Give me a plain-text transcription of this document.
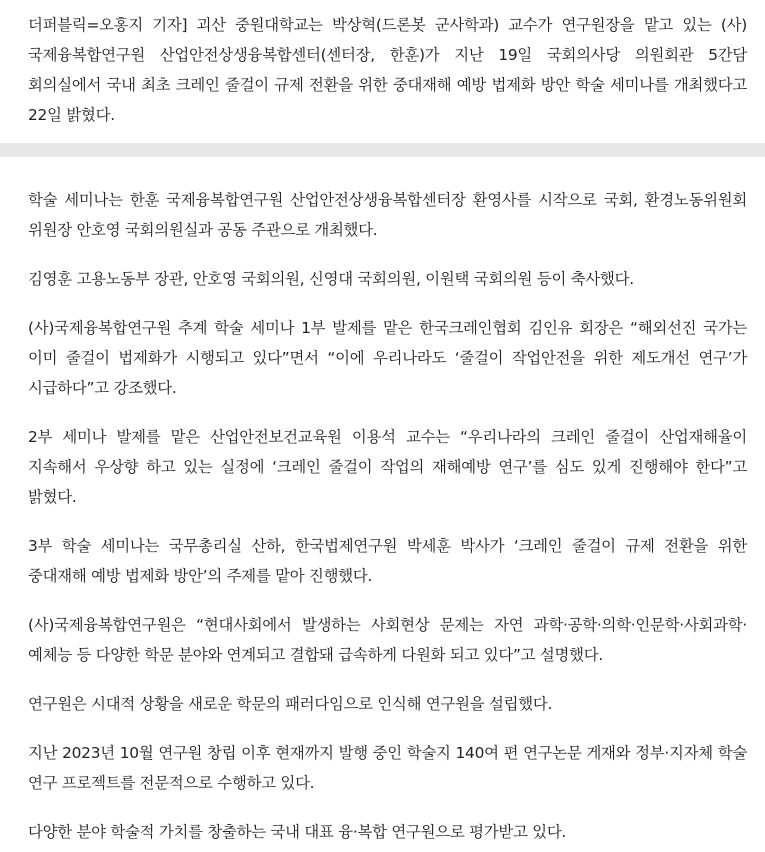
더퍼블릭=오홍지 기자] 괴산 중원대학교는 박상혁(드론봇 군사학과) 교수가 연구원장을 맡고 있는 (사)국제융복합연구원 산업안전상생융복합센터(센터장, 한훈)가 지난 19일 국회의사당 의원회관 5간담 회의실에서 국내 최초 크레인 줄걸이 규제 전환을 위한 중대재해 예방 법제화 방안 학술 세미나를 개최했다고 22일 밝혔다.

학술 세미나는 한훈 국제융복합연구원 산업안전상생융복합센터장 환영사를 시작으로 국회, 환경노동위원회 위원장 안호영 국회의원실과 공동 주관으로 개최했다.

김영훈 고용노동부 장관, 안호영 국회의원, 신영대 국회의원, 이원택 국회의원 등이 축사했다.

(사)국제융복합연구원 추계 학술 세미나 1부 발제를 맡은 한국크레인협회 김인유 회장은 “해외선진 국가는 이미 줄걸이 법제화가 시행되고 있다”면서 “이에 우리나라도 ‘줄걸이 작업안전을 위한 제도개선 연구’가 시급하다”고 강조했다.

2부 세미나 발제를 맡은 산업안전보건교육원 이용석 교수는 “우리나라의 크레인 줄걸이 산업재해율이 지속해서 우상향 하고 있는 실정에 ‘크레인 줄걸이 작업의 재해예방 연구’를 심도 있게 진행해야 한다”고 밝혔다.

3부 학술 세미나는 국무총리실 산하, 한국법제연구원 박세훈 박사가 ‘크레인 줄걸이 규제 전환을 위한 중대재해 예방 법제화 방안’의 주제를 맡아 진행했다.

(사)국제융복합연구원은 “현대사회에서 발생하는 사회현상 문제는 자연 과학·공학·의학·인문학·사회과학·예체능 등 다양한 학문 분야와 연계되고 결합돼 급속하게 다원화 되고 있다”고 설명했다.

연구원은 시대적 상황을 새로운 학문의 패러다임으로 인식해 연구원을 설립했다.

지난 2023년 10월 연구원 창립 이후 현재까지 발행 중인 학술지 140여 편 연구논문 게재와 정부·지자체 학술 연구 프로젝트를 전문적으로 수행하고 있다.

다양한 분야 학술적 가치를 창출하는 국내 대표 융·복합 연구원으로 평가받고 있다.
